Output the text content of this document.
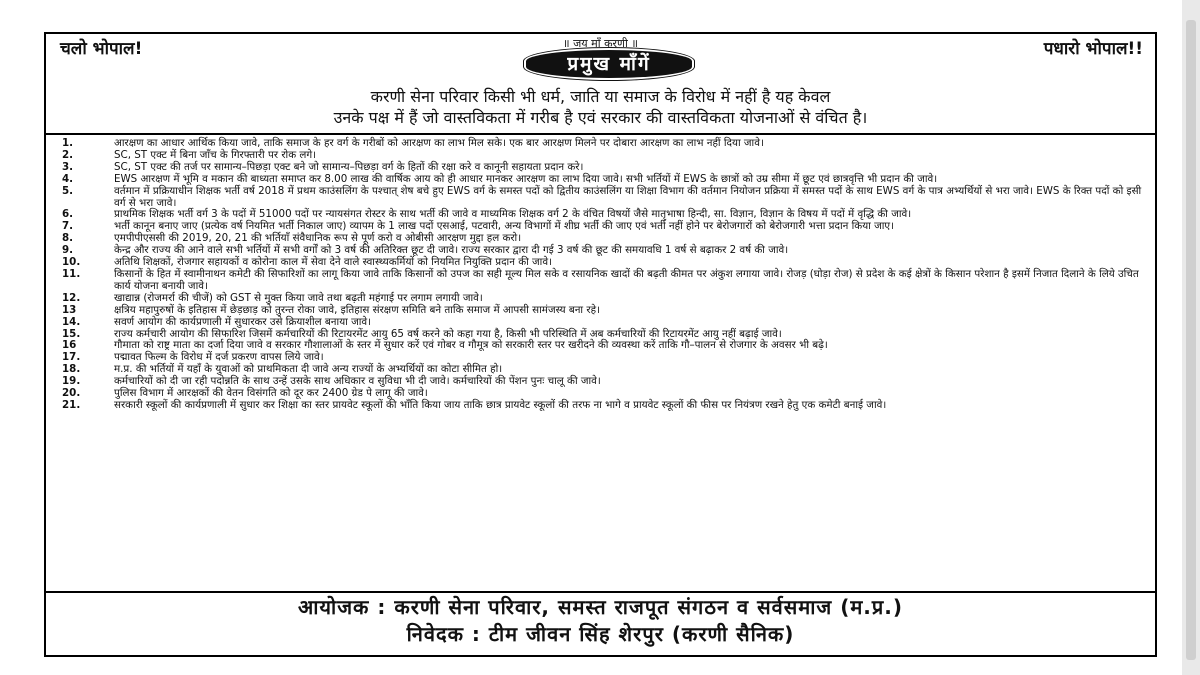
चलो भोपाल!	॥ जय माँ करणी ॥	पधारो भोपाल!!
प्रमुख माँगें
करणी सेना परिवार किसी भी धर्म, जाति या समाज के विरोध में नहीं है यह केवल
उनके पक्ष में हैं जो वास्तविकता में गरीब है एवं सरकार की वास्तविकता योजनाओं से वंचित है।
1.	आरक्षण का आधार आर्थिक किया जावे, ताकि समाज के हर वर्ग के गरीबों को आरक्षण का लाभ मिल सके। एक बार आरक्षण मिलने पर दोबारा आरक्षण का लाभ नहीं दिया जावे।
2.	SC, ST एक्ट में बिना जाँच के गिरफ्तारी पर रोक लगे।
3.	SC, ST एक्ट की तर्ज पर सामान्य–पिछड़ा एक्ट बने जो सामान्य–पिछड़ा वर्ग के हितों की रक्षा करे व कानूनी सहायता प्रदान करे।
4.	EWS आरक्षण में भूमि व मकान की बाध्यता समाप्त कर 8.00 लाख की वार्षिक आय को ही आधार मानकर आरक्षण का लाभ दिया जावे। सभी भर्तियों में EWS के छात्रों को उम्र सीमा में छूट एवं छात्रवृत्ति भी प्रदान की जावे।
5.	वर्तमान में प्रक्रियाधीन शिक्षक भर्ती वर्ष 2018 में प्रथम काउंसलिंग के पश्चात् शेष बचे हुए EWS वर्ग के समस्त पदों को द्वितीय काउंसलिंग या शिक्षा विभाग की वर्तमान नियोजन प्रक्रिया में समस्त पदों के साथ EWS वर्ग के पात्र अभ्यर्थियों से भरा जावे। EWS के रिक्त पदों को इसी वर्ग से भरा जावे।
6.	प्राथमिक शिक्षक भर्ती वर्ग 3 के पदों में 51000 पदों पर न्यायसंगत रोस्टर के साथ भर्ती की जावे व माध्यमिक शिक्षक वर्ग 2 के वंचित विषयों जैसे मातृभाषा हिन्दी, सा. विज्ञान, विज्ञान के विषय में पदों में वृद्धि की जावे।
7.	भर्ती कानून बनाए जाए (प्रत्येक वर्ष नियमित भर्ती निकाल जाए) व्यापम के 1 लाख पदों एसआई, पटवारी, अन्य विभागों में शीघ्र भर्ती की जाए एवं भर्ती नहीं होने पर बेरोजगारों को बेरोजगारी भत्ता प्रदान किया जाए।
8.	एमपीपीएससी की 2019, 20, 21 की भर्तियाँ संवैधानिक रूप से पूर्ण करो व ओबीसी आरक्षण मुद्दा हल करो।
9.	केन्द्र और राज्य की आने वाले सभी भर्तियों में सभी वर्गों को 3 वर्ष की अतिरिक्त छूट दी जावे। राज्य सरकार द्वारा दी गई 3 वर्ष की छूट की समयावधि 1 वर्ष से बढ़ाकर 2 वर्ष की जावे।
10.	अतिथि शिक्षकों, रोजगार सहायकों व कोरोना काल में सेवा देने वाले स्वास्थ्यकर्मियों को नियमित नियुक्ति प्रदान की जावे।
11.	किसानों के हित में स्वामीनाथन कमेटी की सिफारिशों का लागू किया जावे ताकि किसानों को उपज का सही मूल्य मिल सके व रसायनिक खादों की बढ़ती कीमत पर अंकुश लगाया जावे। रोजड़ (घोड़ा रोज) से प्रदेश के कई क्षेत्रों के किसान परेशान है इसमें निजात दिलाने के लिये उचित कार्य योजना बनायी जावे।
12.	खाद्यान्न (रोजमर्रा की चीजें) को GST से मुक्त किया जावे तथा बढ़ती महंगाई पर लगाम लगायी जावे।
13	क्षत्रिय महापुरुषों के इतिहास में छेड़छाड़ को तुरन्त रोका जावे, इतिहास संरक्षण समिति बने ताकि समाज में आपसी सामंजस्य बना रहे।
14.	सवर्ण आयोग की कार्यप्रणाली में सुधारकर उसे क्रियाशील बनाया जावे।
15.	राज्य कर्मचारी आयोग की सिफारिश जिसमें कर्मचारियों की रिटायरमेंट आयु 65 वर्ष करने को कहा गया है, किसी भी परिस्थिति में अब कर्मचारियों की रिटायरमेंट आयु नहीं बढ़ाई जावे।
16	गौमाता को राष्ट्र माता का दर्जा दिया जावे व सरकार गौशालाओं के स्तर में सुधार करें एवं गोबर व गौमूत्र को सरकारी स्तर पर खरीदने की व्यवस्था करें ताकि गौ–पालन से रोजगार के अवसर भी बढ़े।
17.	पद्मावत फिल्म के विरोध में दर्ज प्रकरण वापस लिये जावे।
18.	म.प्र. की भर्तियों में यहाँ के युवाओं को प्राथमिकता दी जावे अन्य राज्यों के अभ्यर्थियों का कोटा सीमित हो।
19.	कर्मचारियों को दी जा रही पदोन्नति के साथ उन्हें उसके साथ अधिकार व सुविधा भी दी जावे। कर्मचारियों की पेंशन पुनः चालू की जावे।
20.	पुलिस विभाग में आरक्षकों की वेतन विसंगति को दूर कर 2400 ग्रेड पे लागू की जावे।
21.	सरकारी स्कूलों की कार्यप्रणाली में सुधार कर शिक्षा का स्तर प्रायवेट स्कूलों की भाँति किया जाय ताकि छात्र प्रायवेट स्कूलों की तरफ ना भागे व प्रायवेट स्कूलों की फीस पर नियंत्रण रखने हेतु एक कमेटी बनाई जावे।
आयोजक : करणी सेना परिवार, समस्त राजपूत संगठन व सर्वसमाज (म.प्र.)
निवेदक : टीम जीवन सिंह शेरपुर (करणी सैनिक)
